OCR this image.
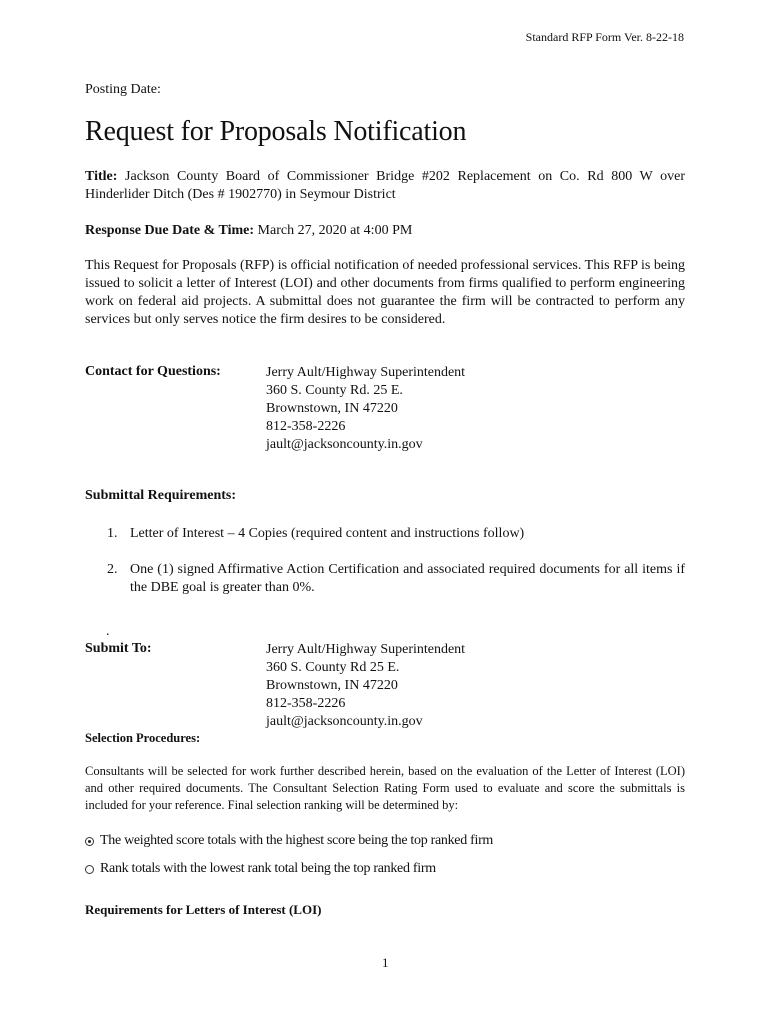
Standard RFP Form Ver. 8-22-18
Posting Date:
Request for Proposals Notification
Title: Jackson County Board of Commissioner Bridge #202 Replacement on Co. Rd 800 W over Hinderlider Ditch (Des # 1902770) in Seymour District
Response Due Date & Time: March 27, 2020 at 4:00 PM
This Request for Proposals (RFP) is official notification of needed professional services. This RFP is being issued to solicit a letter of Interest (LOI) and other documents from firms qualified to perform engineering work on federal aid projects. A submittal does not guarantee the firm will be contracted to perform any services but only serves notice the firm desires to be considered.
Contact for Questions:	Jerry Ault/Highway Superintendent
360 S. County Rd. 25 E.
Brownstown, IN 47220
812-358-2226
jault@jacksoncounty.in.gov
Submittal Requirements:
1. Letter of Interest – 4 Copies (required content and instructions follow)
2. One (1) signed Affirmative Action Certification and associated required documents for all items if the DBE goal is greater than 0%.
.
Submit To:	Jerry Ault/Highway Superintendent
360 S. County Rd 25 E.
Brownstown, IN 47220
812-358-2226
jault@jacksoncounty.in.gov
Selection Procedures:
Consultants will be selected for work further described herein, based on the evaluation of the Letter of Interest (LOI) and other required documents. The Consultant Selection Rating Form used to evaluate and score the submittals is included for your reference. Final selection ranking will be determined by:
The weighted score totals with the highest score being the top ranked firm
Rank totals with the lowest rank total being the top ranked firm
Requirements for Letters of Interest (LOI)
1
